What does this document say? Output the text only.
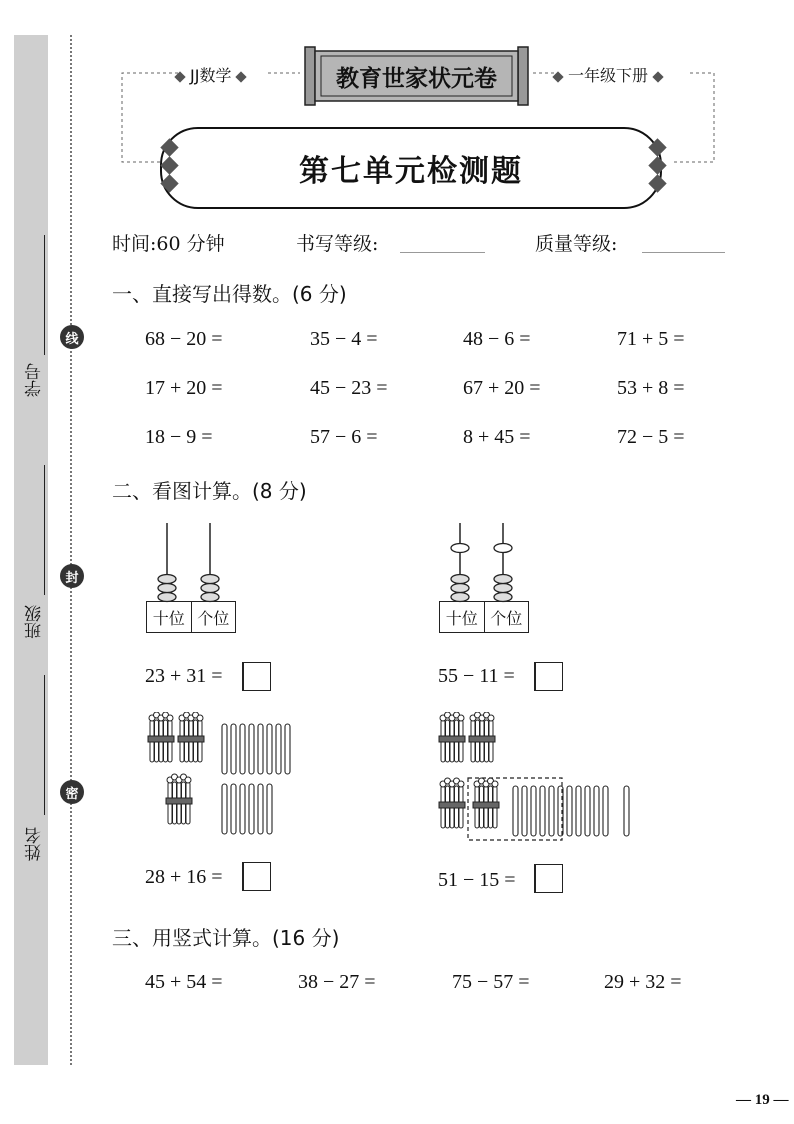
学号
班级
姓名
线
封
密
JJ数学	一年级下册
教育世家状元卷
第七单元检测题
时间:60 分钟	书写等级:	质量等级:
一、直接写出得数。(6 分)
68 − 20 =	35 − 4 =	48 − 6 =	71 + 5 =
17 + 20 =	45 − 23 =	67 + 20 =	53 + 8 =
18 − 9 =	57 − 6 =	8 + 45 =	72 − 5 =
二、看图计算。(8 分)
十位 个位	十位 个位
23 + 31 =	55 − 11 =
28 + 16 =	51 − 15 =
三、用竖式计算。(16 分)
45 + 54 =	38 − 27 =	75 − 57 =	29 + 32 =
— 19 —
